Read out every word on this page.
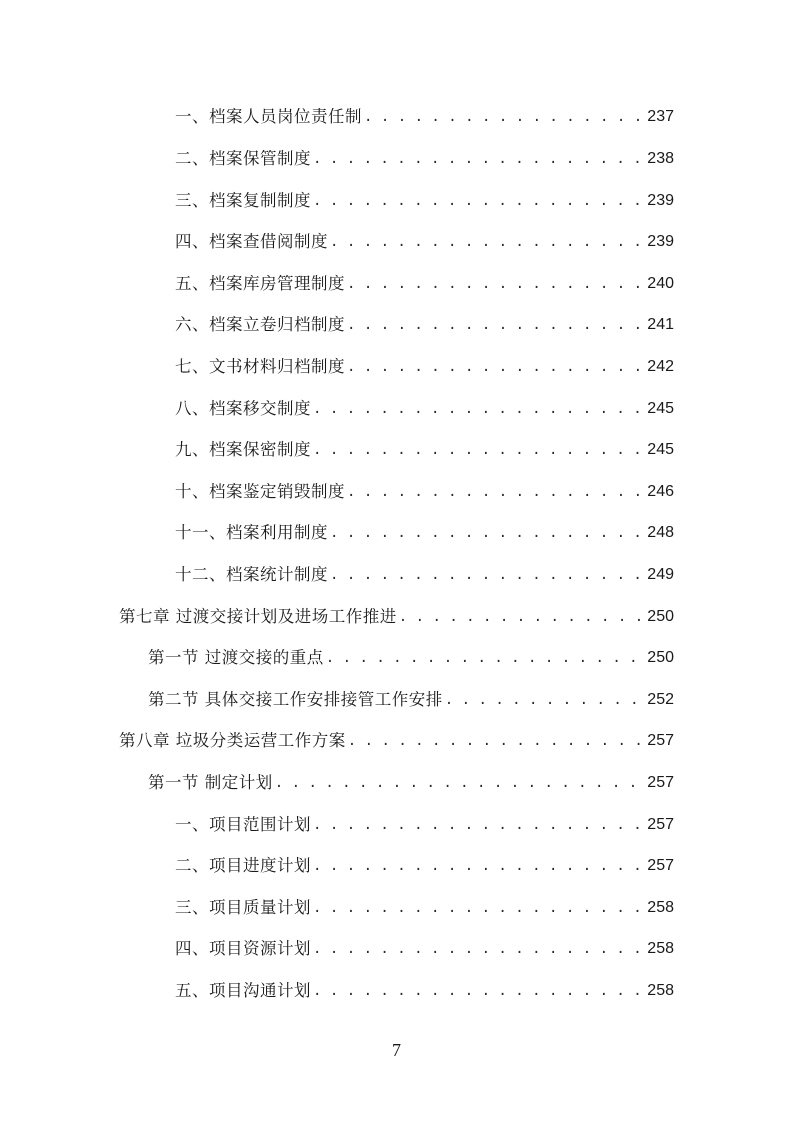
一、档案人员岗位责任制 . . .	237
二、档案保管制度 . . .	238
三、档案复制制度 . . .	239
四、档案查借阅制度 . . .	239
五、档案库房管理制度 . . .	240
六、档案立卷归档制度 . . .	241
七、文书材料归档制度 . . .	242
八、档案移交制度 . . .	245
九、档案保密制度 . . .	245
十、档案鉴定销毁制度 . . .	246
十一、档案利用制度 . . .	248
十二、档案统计制度 . . .	249
第七章 过渡交接计划及进场工作推进 . . .	250
第一节 过渡交接的重点 . . .	250
第二节 具体交接工作安排接管工作安排 . . .	252
第八章 垃圾分类运营工作方案 . . .	257
第一节 制定计划 . . .	257
一、项目范围计划 . . .	257
二、项目进度计划 . . .	257
三、项目质量计划 . . .	258
四、项目资源计划 . . .	258
五、项目沟通计划 . . .	258
7
